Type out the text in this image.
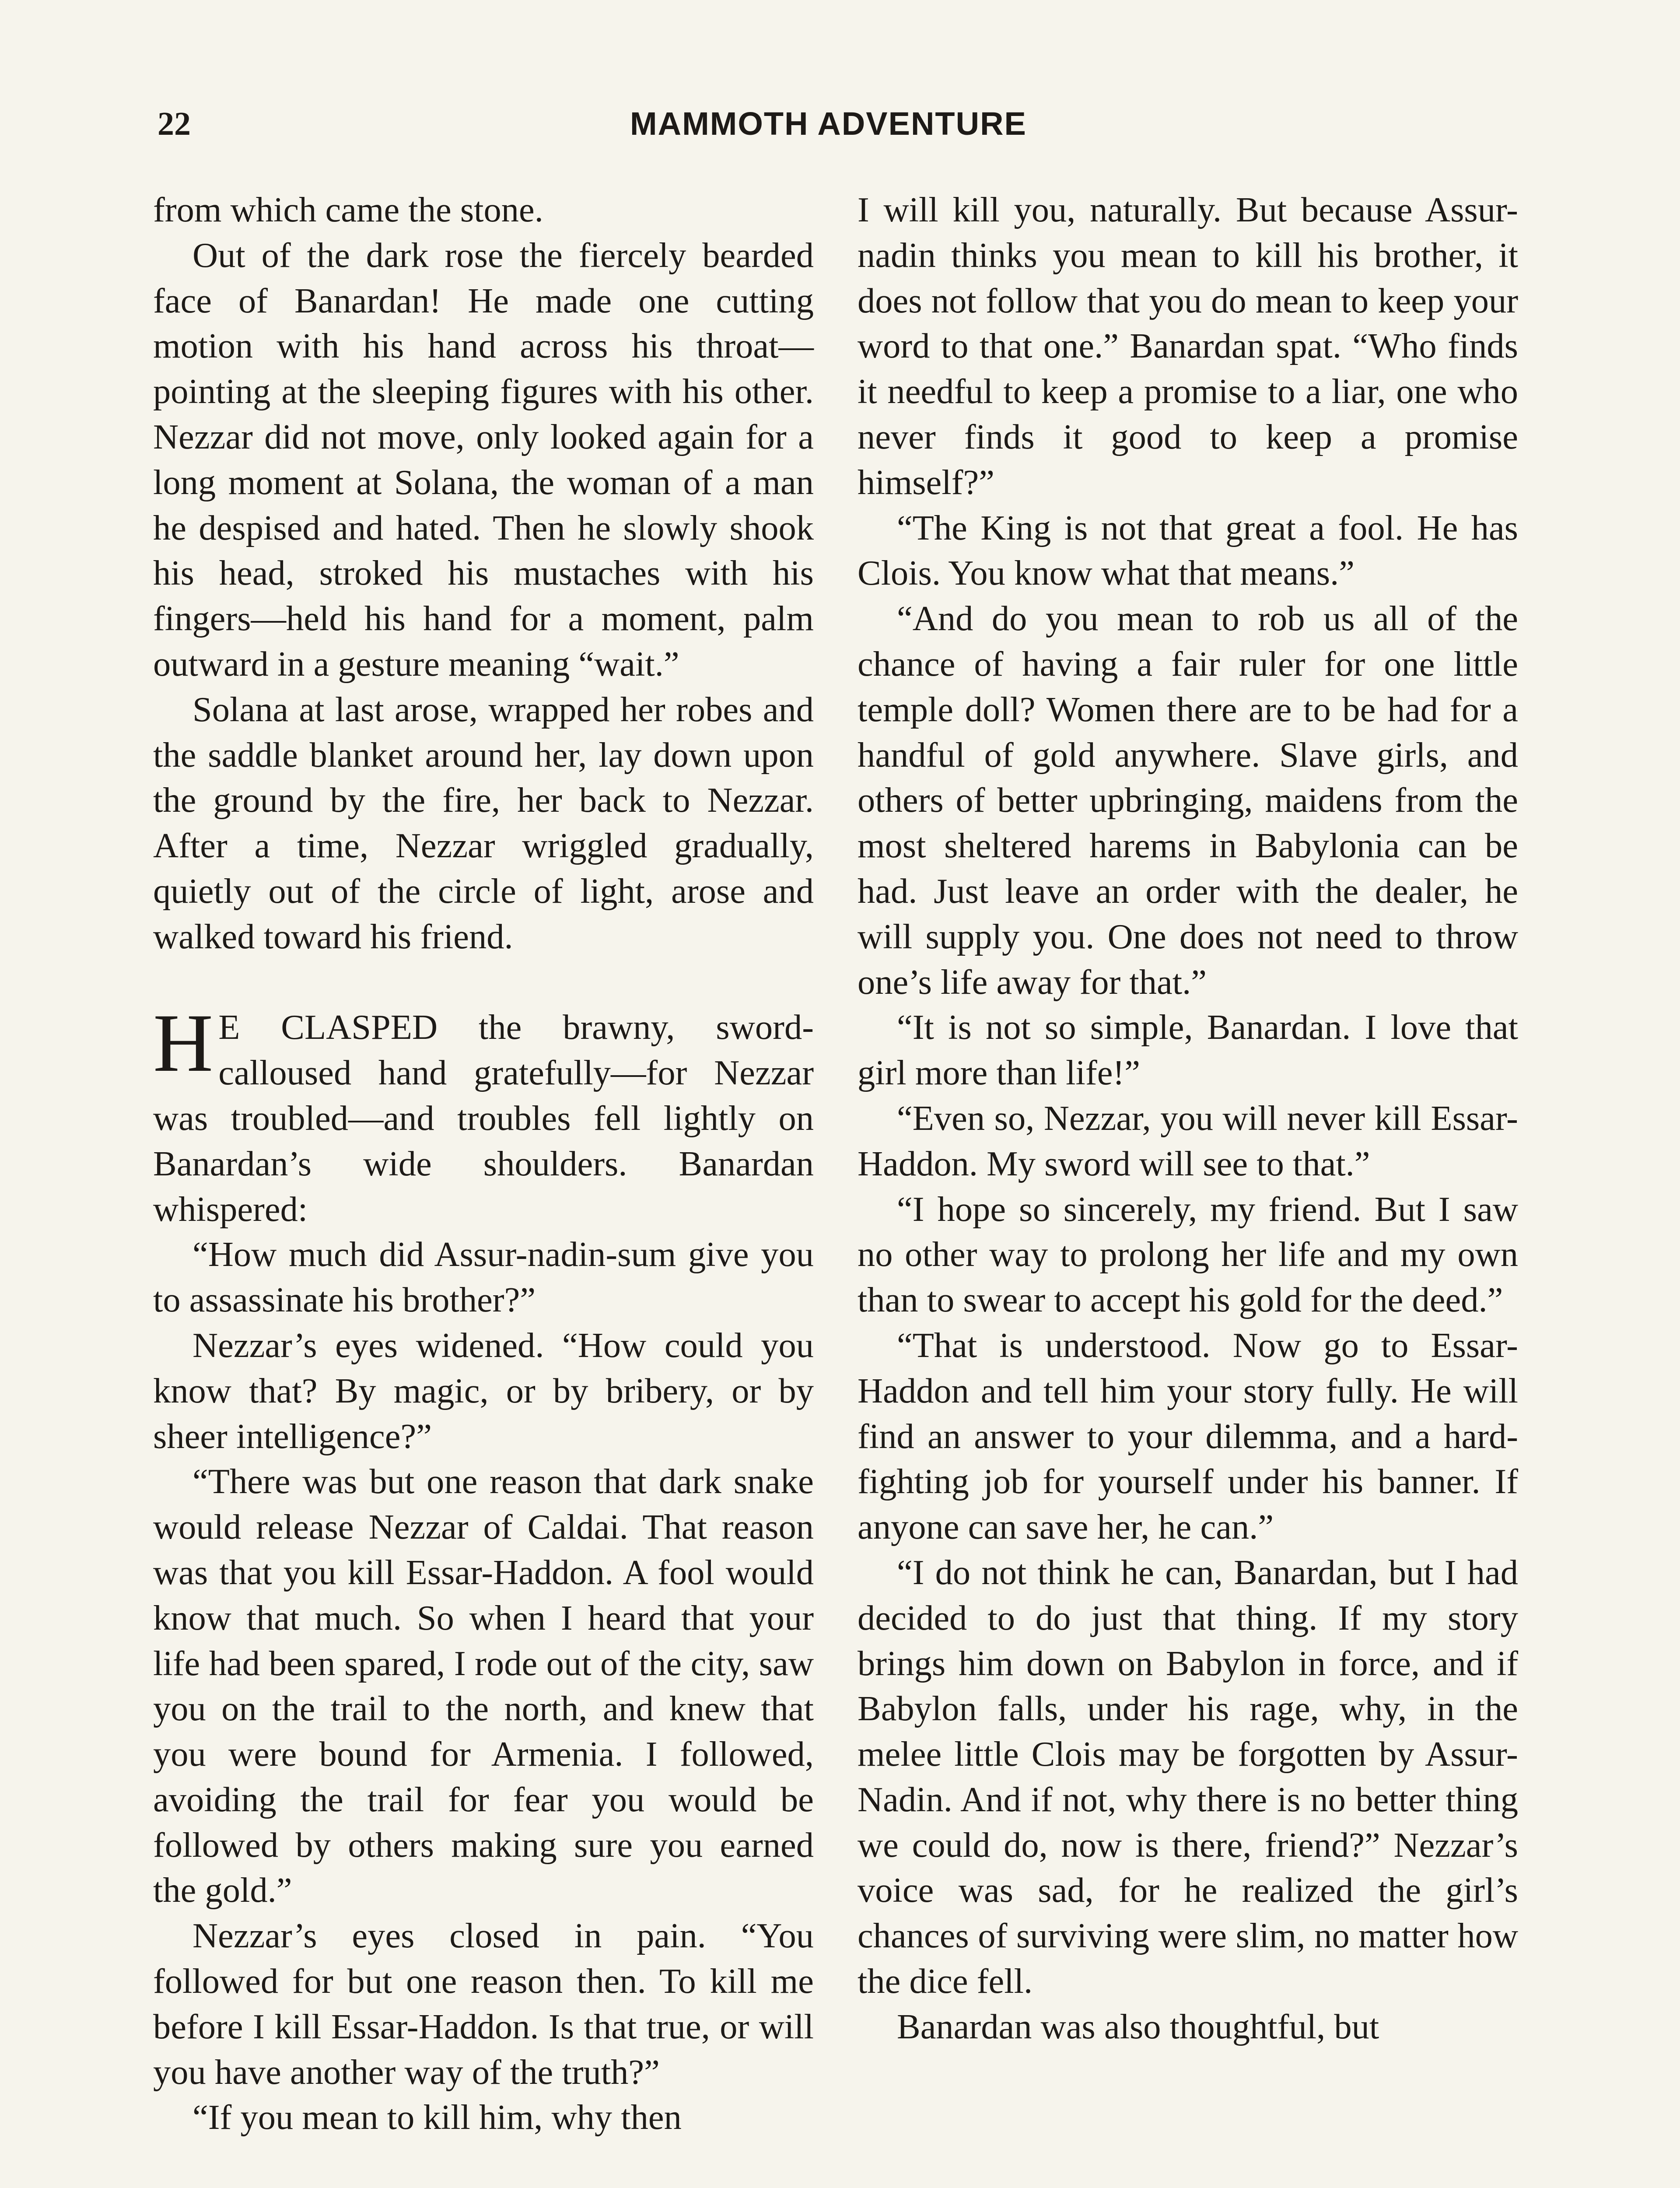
22	MAMMOTH ADVENTURE

from which came the stone.

Out of the dark rose the fiercely bearded face of Banardan! He made one cutting motion with his hand across his throat—pointing at the sleeping figures with his other. Nezzar did not move, only looked again for a long moment at Solana, the woman of a man he despised and hated. Then he slowly shook his head, stroked his mustaches with his fingers—held his hand for a moment, palm outward in a gesture meaning “wait.”

Solana at last arose, wrapped her robes and the saddle blanket around her, lay down upon the ground by the fire, her back to Nezzar. After a time, Nezzar wriggled gradually, quietly out of the circle of light, arose and walked toward his friend.

H E CLASPED the brawny, sword-calloused hand gratefully—for Nezzar was troubled—and troubles fell lightly on Banardan’s wide shoulders. Banardan whispered:

“How much did Assur-nadin-sum give you to assassinate his brother?”

Nezzar’s eyes widened. “How could you know that? By magic, or by bribery, or by sheer intelligence?”

“There was but one reason that dark snake would release Nezzar of Caldai. That reason was that you kill Essar-Haddon. A fool would know that much. So when I heard that your life had been spared, I rode out of the city, saw you on the trail to the north, and knew that you were bound for Armenia. I followed, avoiding the trail for fear you would be followed by others making sure you earned the gold.”

Nezzar’s eyes closed in pain. “You followed for but one reason then. To kill me before I kill Essar-Haddon. Is that true, or will you have another way of the truth?”

“If you mean to kill him, why then

I will kill you, naturally. But because Assur-nadin thinks you mean to kill his brother, it does not follow that you do mean to keep your word to that one.” Banardan spat. “Who finds it needful to keep a promise to a liar, one who never finds it good to keep a promise himself?”

“The King is not that great a fool. He has Clois. You know what that means.”

“And do you mean to rob us all of the chance of having a fair ruler for one little temple doll? Women there are to be had for a handful of gold anywhere. Slave girls, and others of better upbringing, maidens from the most sheltered harems in Babylonia can be had. Just leave an order with the dealer, he will supply you. One does not need to throw one’s life away for that.”

“It is not so simple, Banardan. I love that girl more than life!”

“Even so, Nezzar, you will never kill Essar-Haddon. My sword will see to that.”

“I hope so sincerely, my friend. But I saw no other way to prolong her life and my own than to swear to accept his gold for the deed.”

“That is understood. Now go to Essar-Haddon and tell him your story fully. He will find an answer to your dilemma, and a hard-fighting job for yourself under his banner. If anyone can save her, he can.”

“I do not think he can, Banardan, but I had decided to do just that thing. If my story brings him down on Babylon in force, and if Babylon falls, under his rage, why, in the melee little Clois may be forgotten by Assur-Nadin. And if not, why there is no better thing we could do, now is there, friend?” Nezzar’s voice was sad, for he realized the girl’s chances of surviving were slim, no matter how the dice fell.

Banardan was also thoughtful, but
